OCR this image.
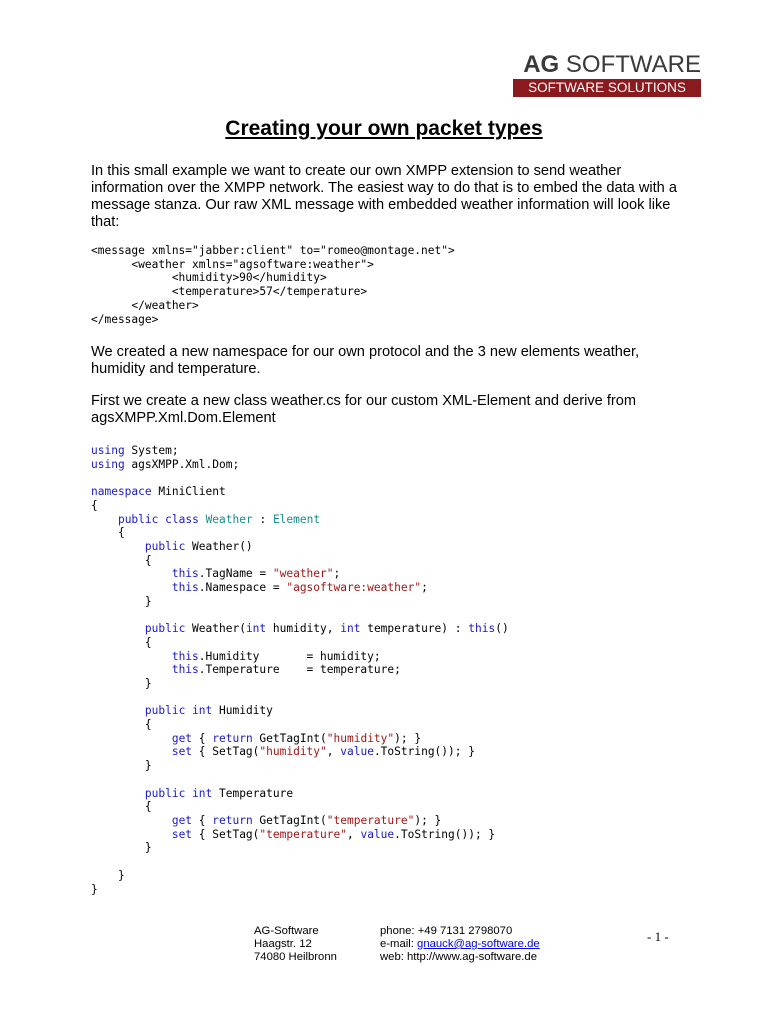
AG SOFTWARE
SOFTWARE SOLUTIONS
Creating your own packet types

In this small example we want to create our own XMPP extension to send weather information over the XMPP network. The easiest way to do that is to embed the data with a message stanza. Our raw XML message with embedded weather information will look like that:

<message xmlns="jabber:client" to="romeo@montage.net">
<weather xmlns="agsoftware:weather">
<humidity>90</humidity>
<temperature>57</temperature>
</weather>
</message>

We created a new namespace for our own protocol and the 3 new elements weather, humidity and temperature.

First we create a new class weather.cs for our custom XML-Element and derive from agsXMPP.Xml.Dom.Element

using System;
using agsXMPP.Xml.Dom;

namespace MiniClient
{
public class Weather : Element
{
public Weather()
{
this.TagName = "weather";
this.Namespace = "agsoftware:weather";
}

public Weather(int humidity, int temperature) : this()
{
this.Humidity       = humidity;
this.Temperature    = temperature;
}

public int Humidity
{
get { return GetTagInt("humidity"); }
set { SetTag("humidity", value.ToString()); }
}

public int Temperature
{
get { return GetTagInt("temperature"); }
set { SetTag("temperature", value.ToString()); }
}

}
}
AG-Software
Haagstr. 12
74080 Heilbronn
phone: +49 7131 2798070
e-mail: gnauck@ag-software.de
web: http://www.ag-software.de
- 1 -
